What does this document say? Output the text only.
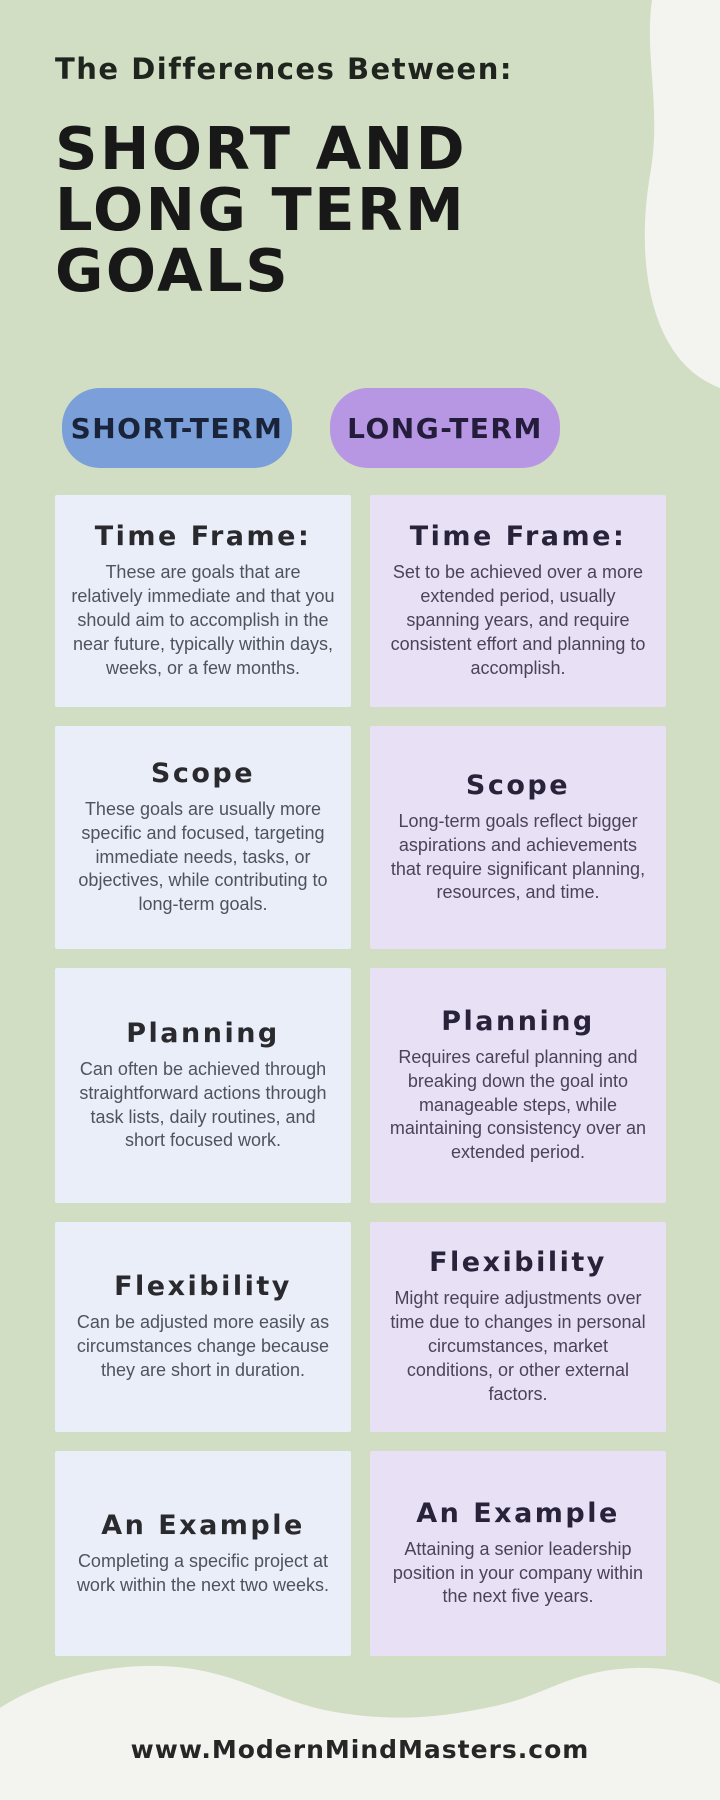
The Differences Between:
SHORT AND
LONG TERM
GOALS
SHORT-TERM	LONG-TERM
Time Frame:

These are goals that are relatively immediate and that you should aim to accomplish in the near future, typically within days, weeks, or a few months.

Time Frame:

Set to be achieved over a more extended period, usually spanning years, and require consistent effort and planning to accomplish.

Scope

These goals are usually more specific and focused, targeting immediate needs, tasks, or objectives, while contributing to long-term goals.

Scope

Long-term goals reflect bigger aspirations and achievements that require significant planning, resources, and time.

Planning

Can often be achieved through straightforward actions through task lists, daily routines, and short focused work.

Planning

Requires careful planning and breaking down the goal into manageable steps, while maintaining consistency over an extended period.

Flexibility

Can be adjusted more easily as circumstances change because they are short in duration.

Flexibility

Might require adjustments over time due to changes in personal circumstances, market conditions, or other external factors.

An Example

Completing a specific project at work within the next two weeks.

An Example

Attaining a senior leadership position in your company within the next five years.

www.ModernMindMasters.com
